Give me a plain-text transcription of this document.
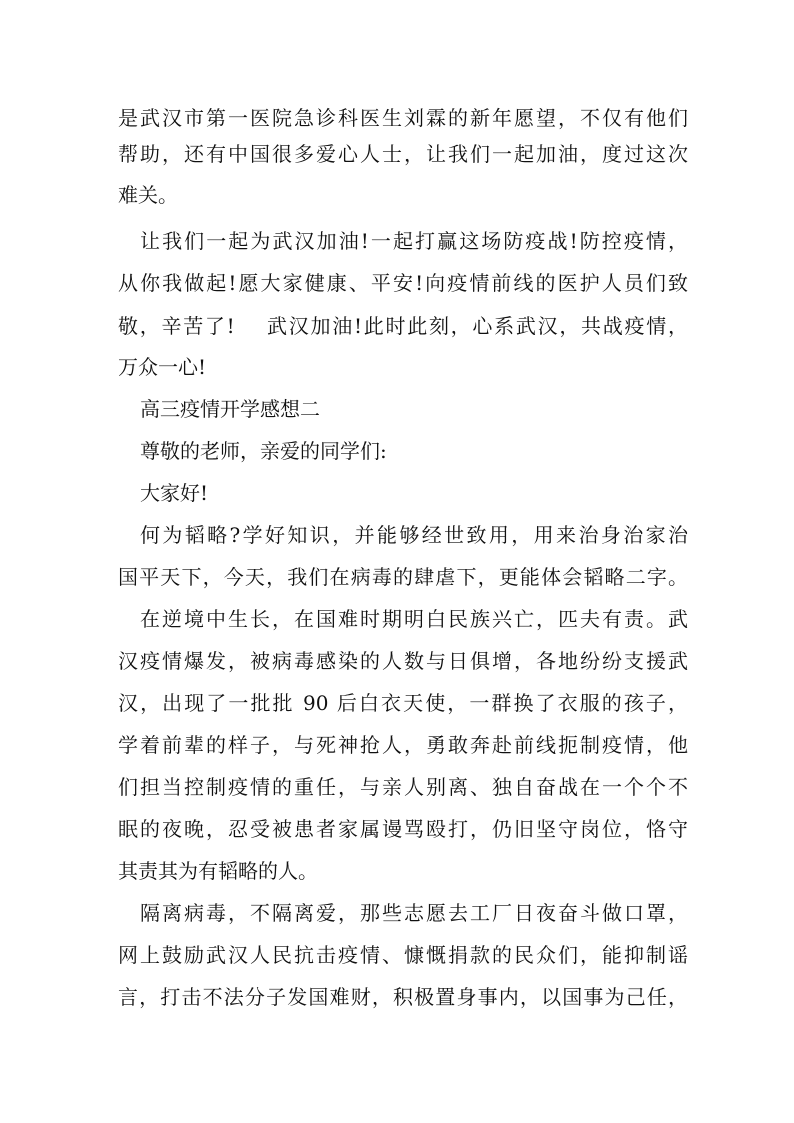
是武汉市第一医院急诊科医生刘霖的新年愿望，不仅有他们
帮助，还有中国很多爱心人士，让我们一起加油，度过这次
难关。
让我们一起为武汉加油!一起打赢这场防疫战!防控疫情，
从你我做起!愿大家健康、平安!向疫情前线的医护人员们致
敬，辛苦了!    武汉加油!此时此刻，心系武汉，共战疫情，
万众一心!
高三疫情开学感想二
尊敬的老师，亲爱的同学们:
大家好!
何为韬略?学好知识，并能够经世致用，用来治身治家治
国平天下，今天，我们在病毒的肆虐下，更能体会韬略二字。
在逆境中生长，在国难时期明白民族兴亡，匹夫有责。武
汉疫情爆发，被病毒感染的人数与日俱增，各地纷纷支援武
汉，出现了一批批 90 后白衣天使，一群换了衣服的孩子，
学着前辈的样子，与死神抢人，勇敢奔赴前线扼制疫情，他
们担当控制疫情的重任，与亲人别离、独自奋战在一个个不
眠的夜晚，忍受被患者家属谩骂殴打，仍旧坚守岗位，恪守
其责其为有韬略的人。
隔离病毒，不隔离爱，那些志愿去工厂日夜奋斗做口罩，
网上鼓励武汉人民抗击疫情、慷慨捐款的民众们，能抑制谣
言，打击不法分子发国难财，积极置身事内，以国事为己任，
